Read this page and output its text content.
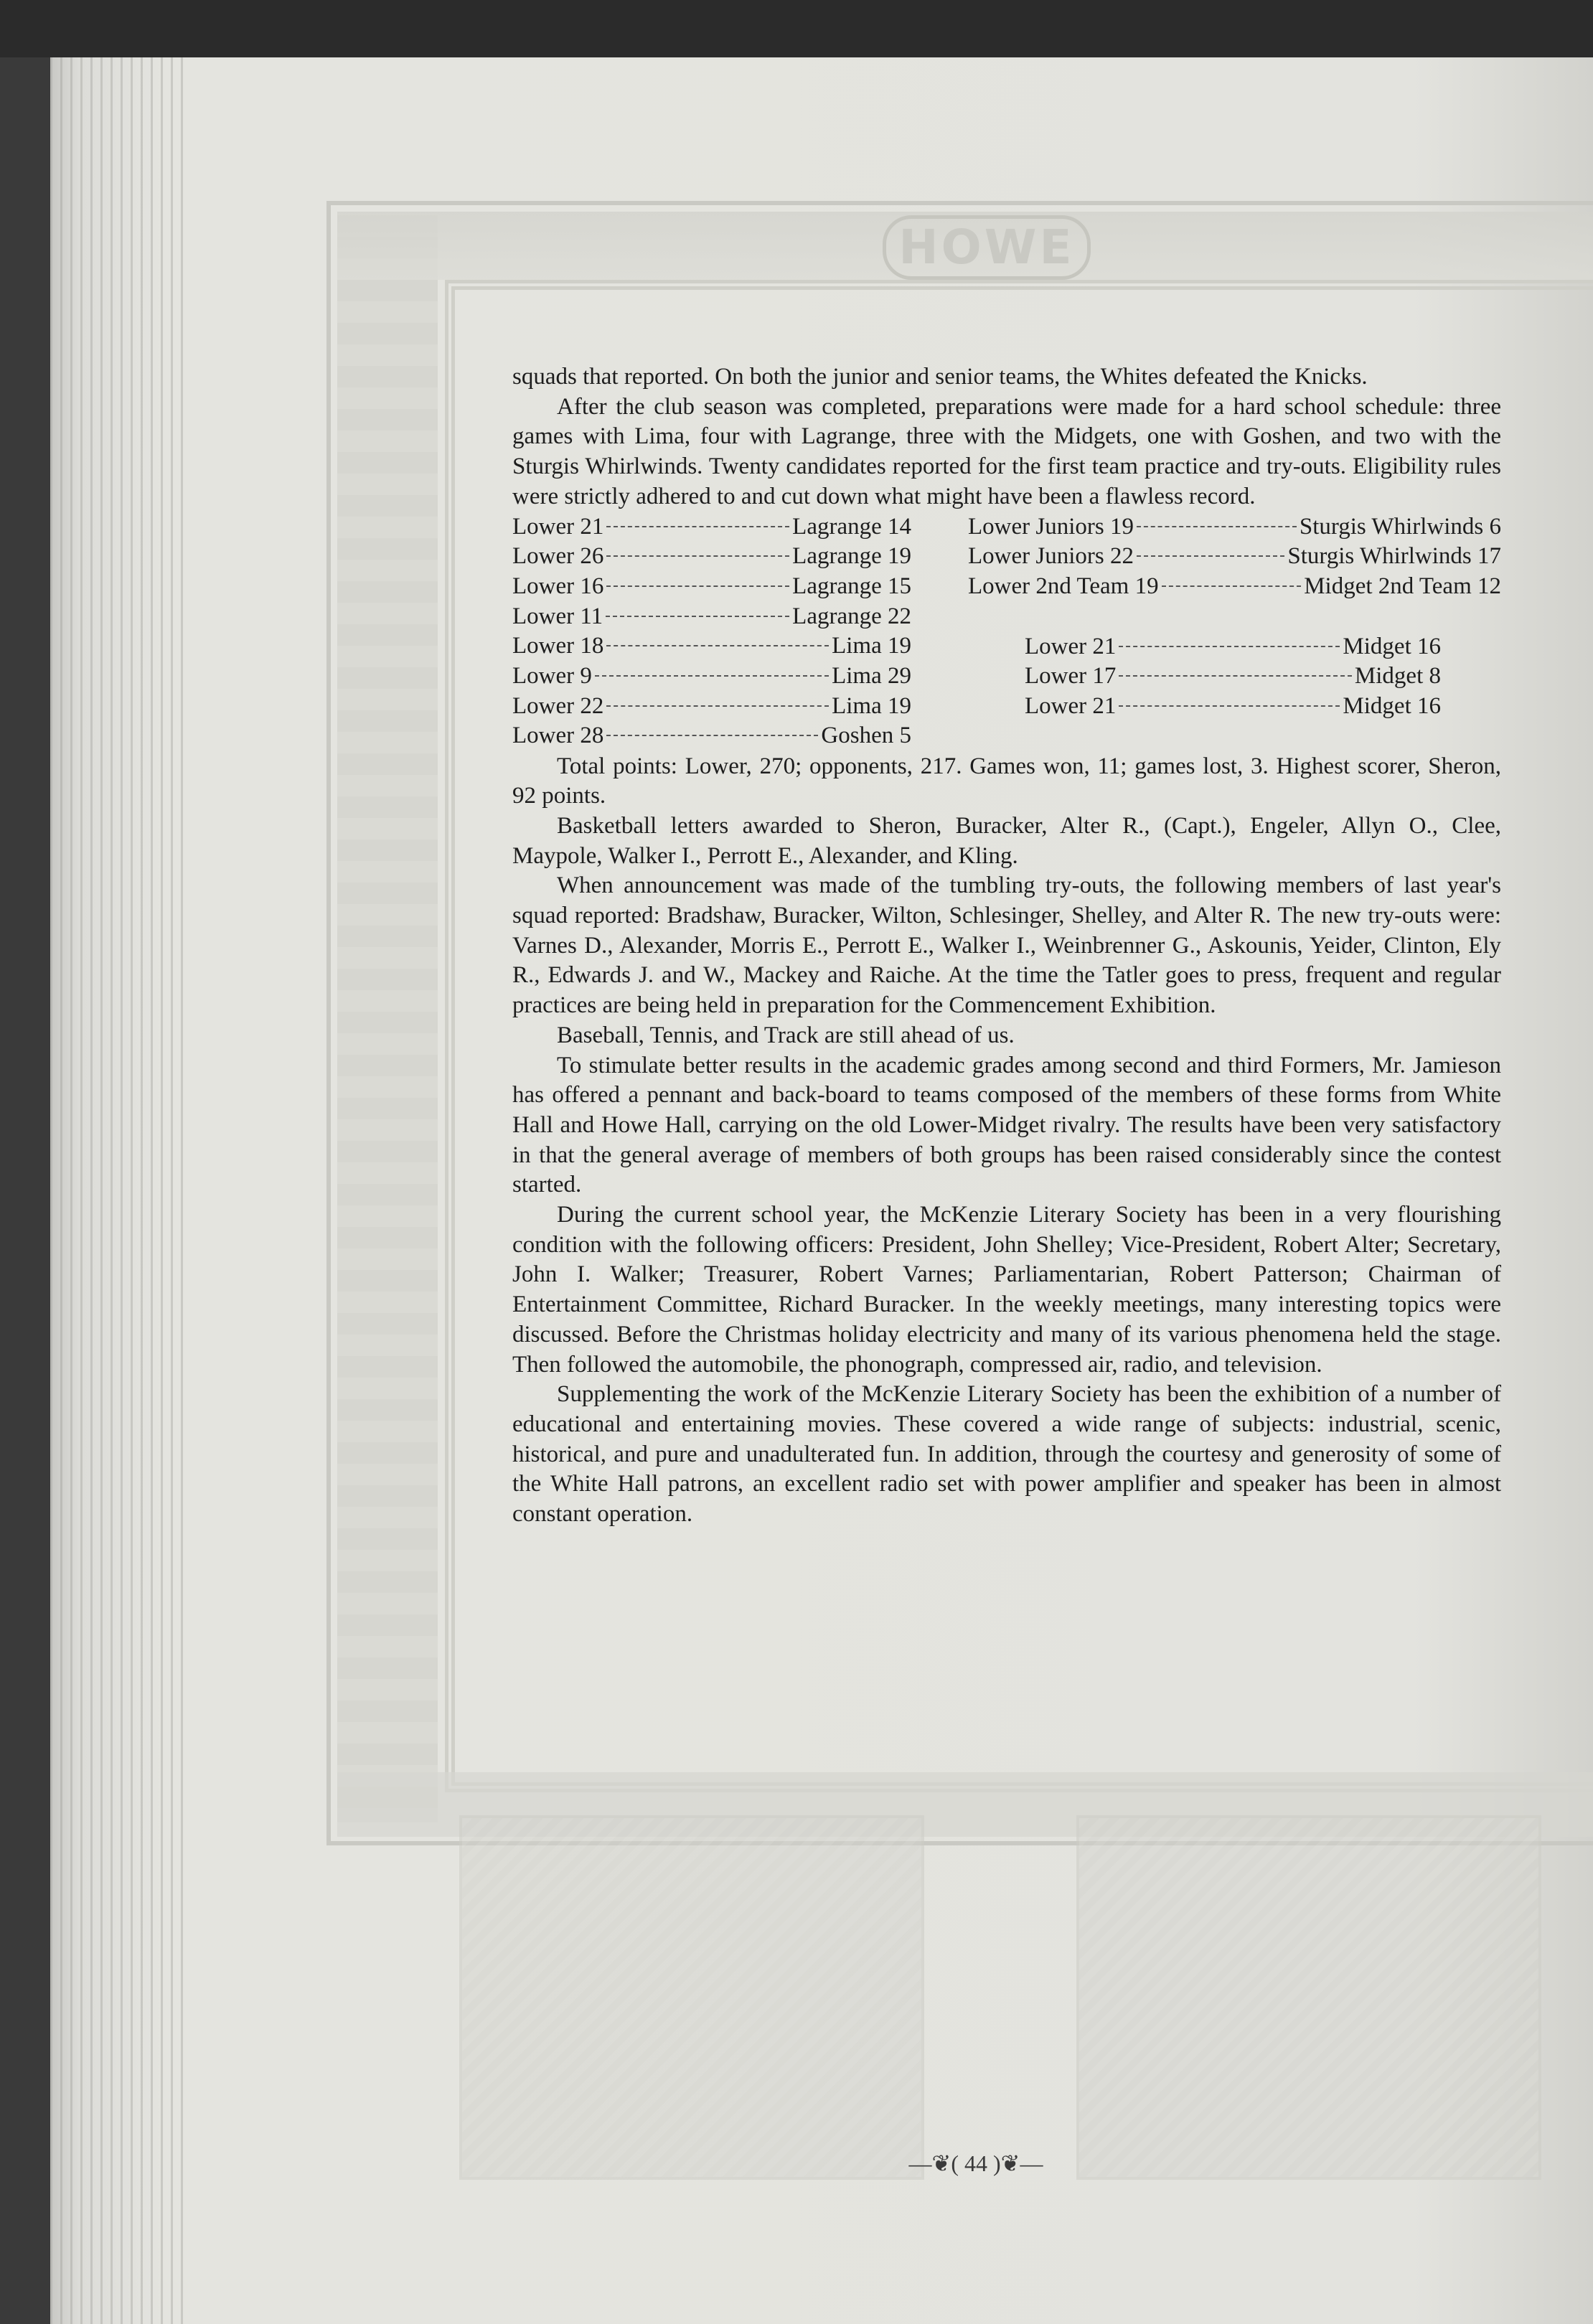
HOWE

squads that reported. On both the junior and senior teams, the Whites defeated the Knicks.

After the club season was completed, preparations were made for a hard school schedule: three games with Lima, four with Lagrange, three with the Midgets, one with Goshen, and two with the Sturgis Whirlwinds. Twenty candidates reported for the first team practice and try-outs. Eligibility rules were strictly adhered to and cut down what might have been a flawless record.

Lower 21	Lagrange 14
Lower 26	Lagrange 19
Lower 16	Lagrange 15
Lower 11	Lagrange 22
Lower 18	Lima 19
Lower 9	Lima 29
Lower 22	Lima 19
Lower 28	Goshen 5
Lower Juniors 19	Sturgis Whirlwinds 6
Lower Juniors 22	Sturgis Whirlwinds 17
Lower 2nd Team 19	Midget 2nd Team 12
Lower 21	Midget 16
Lower 17	Midget 8
Lower 21	Midget 16

Total points: Lower, 270; opponents, 217. Games won, 11; games lost, 3. Highest scorer, Sheron, 92 points.

Basketball letters awarded to Sheron, Buracker, Alter R., (Capt.), Engeler, Allyn O., Clee, Maypole, Walker I., Perrott E., Alexander, and Kling.

When announcement was made of the tumbling try-outs, the following members of last year's squad reported: Bradshaw, Buracker, Wilton, Schlesinger, Shelley, and Alter R. The new try-outs were: Varnes D., Alexander, Morris E., Perrott E., Walker I., Weinbrenner G., Askounis, Yeider, Clinton, Ely R., Edwards J. and W., Mackey and Raiche. At the time the Tatler goes to press, frequent and regular practices are being held in preparation for the Commencement Exhibition.

Baseball, Tennis, and Track are still ahead of us.

To stimulate better results in the academic grades among second and third Formers, Mr. Jamieson has offered a pennant and back-board to teams composed of the members of these forms from White Hall and Howe Hall, carrying on the old Lower-Midget rivalry. The results have been very satisfactory in that the general average of members of both groups has been raised considerably since the contest started.

During the current school year, the McKenzie Literary Society has been in a very flourishing condition with the following officers: President, John Shelley; Vice-President, Robert Alter; Secretary, John I. Walker; Treasurer, Robert Varnes; Parliamentarian, Robert Patterson; Chairman of Entertainment Committee, Richard Buracker. In the weekly meetings, many interesting topics were discussed. Before the Christmas holiday electricity and many of its various phenomena held the stage. Then followed the automobile, the phonograph, compressed air, radio, and television.

Supplementing the work of the McKenzie Literary Society has been the exhibition of a number of educational and entertaining movies. These covered a wide range of subjects: industrial, scenic, historical, and pure and unadulterated fun. In addition, through the courtesy and generosity of some of the White Hall patrons, an excellent radio set with power amplifier and speaker has been in almost constant operation.

—❦( 44 )❦—
